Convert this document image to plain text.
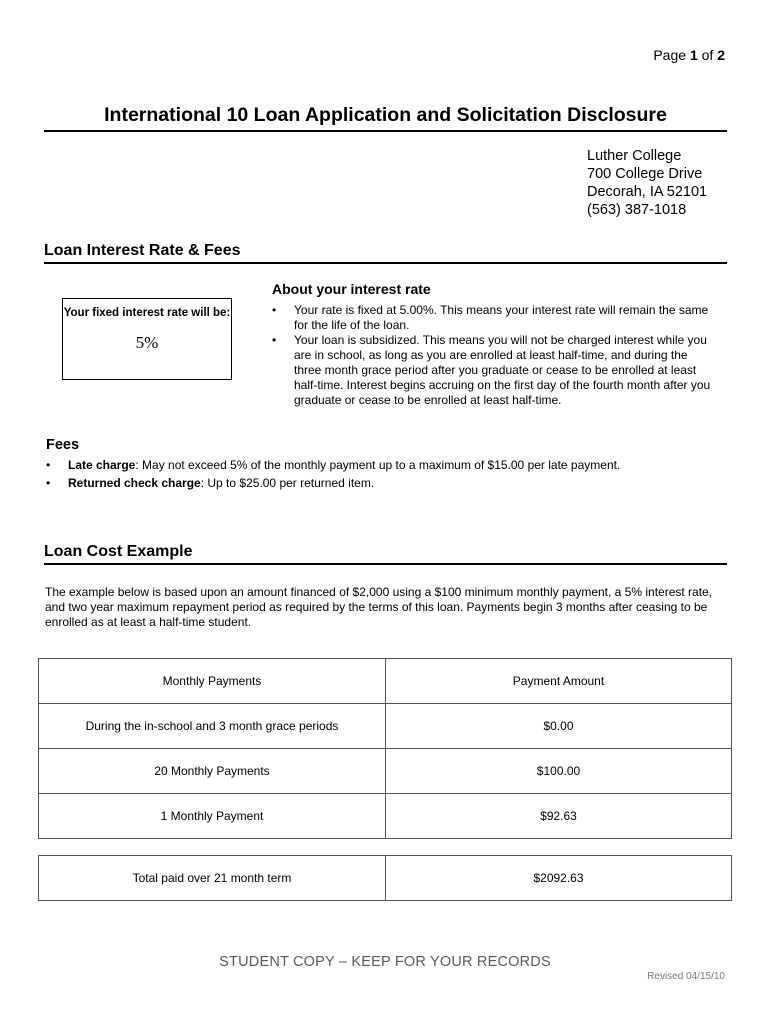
Page 1 of 2
International 10 Loan Application and Solicitation Disclosure
Luther College
700 College Drive
Decorah, IA 52101
(563) 387-1018
Loan Interest Rate & Fees
Your fixed interest rate will be:
5%
About your interest rate
• Your rate is fixed at 5.00%. This means your interest rate will remain the same for the life of the loan.
• Your loan is subsidized. This means you will not be charged interest while you are in school, as long as you are enrolled at least half-time, and during the three month grace period after you graduate or cease to be enrolled at least half-time. Interest begins accruing on the first day of the fourth month after you graduate or cease to be enrolled at least half-time.
Fees
• Late charge: May not exceed 5% of the monthly payment up to a maximum of $15.00 per late payment.
• Returned check charge: Up to $25.00 per returned item.
Loan Cost Example
The example below is based upon an amount financed of $2,000 using a $100 minimum monthly payment, a 5% interest rate, and two year maximum repayment period as required by the terms of this loan. Payments begin 3 months after ceasing to be enrolled as at least a half-time student.
Monthly Payments	Payment Amount
During the in-school and 3 month grace periods	$0.00
20 Monthly Payments	$100.00
1 Monthly Payment	$92.63
Total paid over 21 month term	$2092.63
STUDENT COPY – KEEP FOR YOUR RECORDS
Revised 04/15/10
